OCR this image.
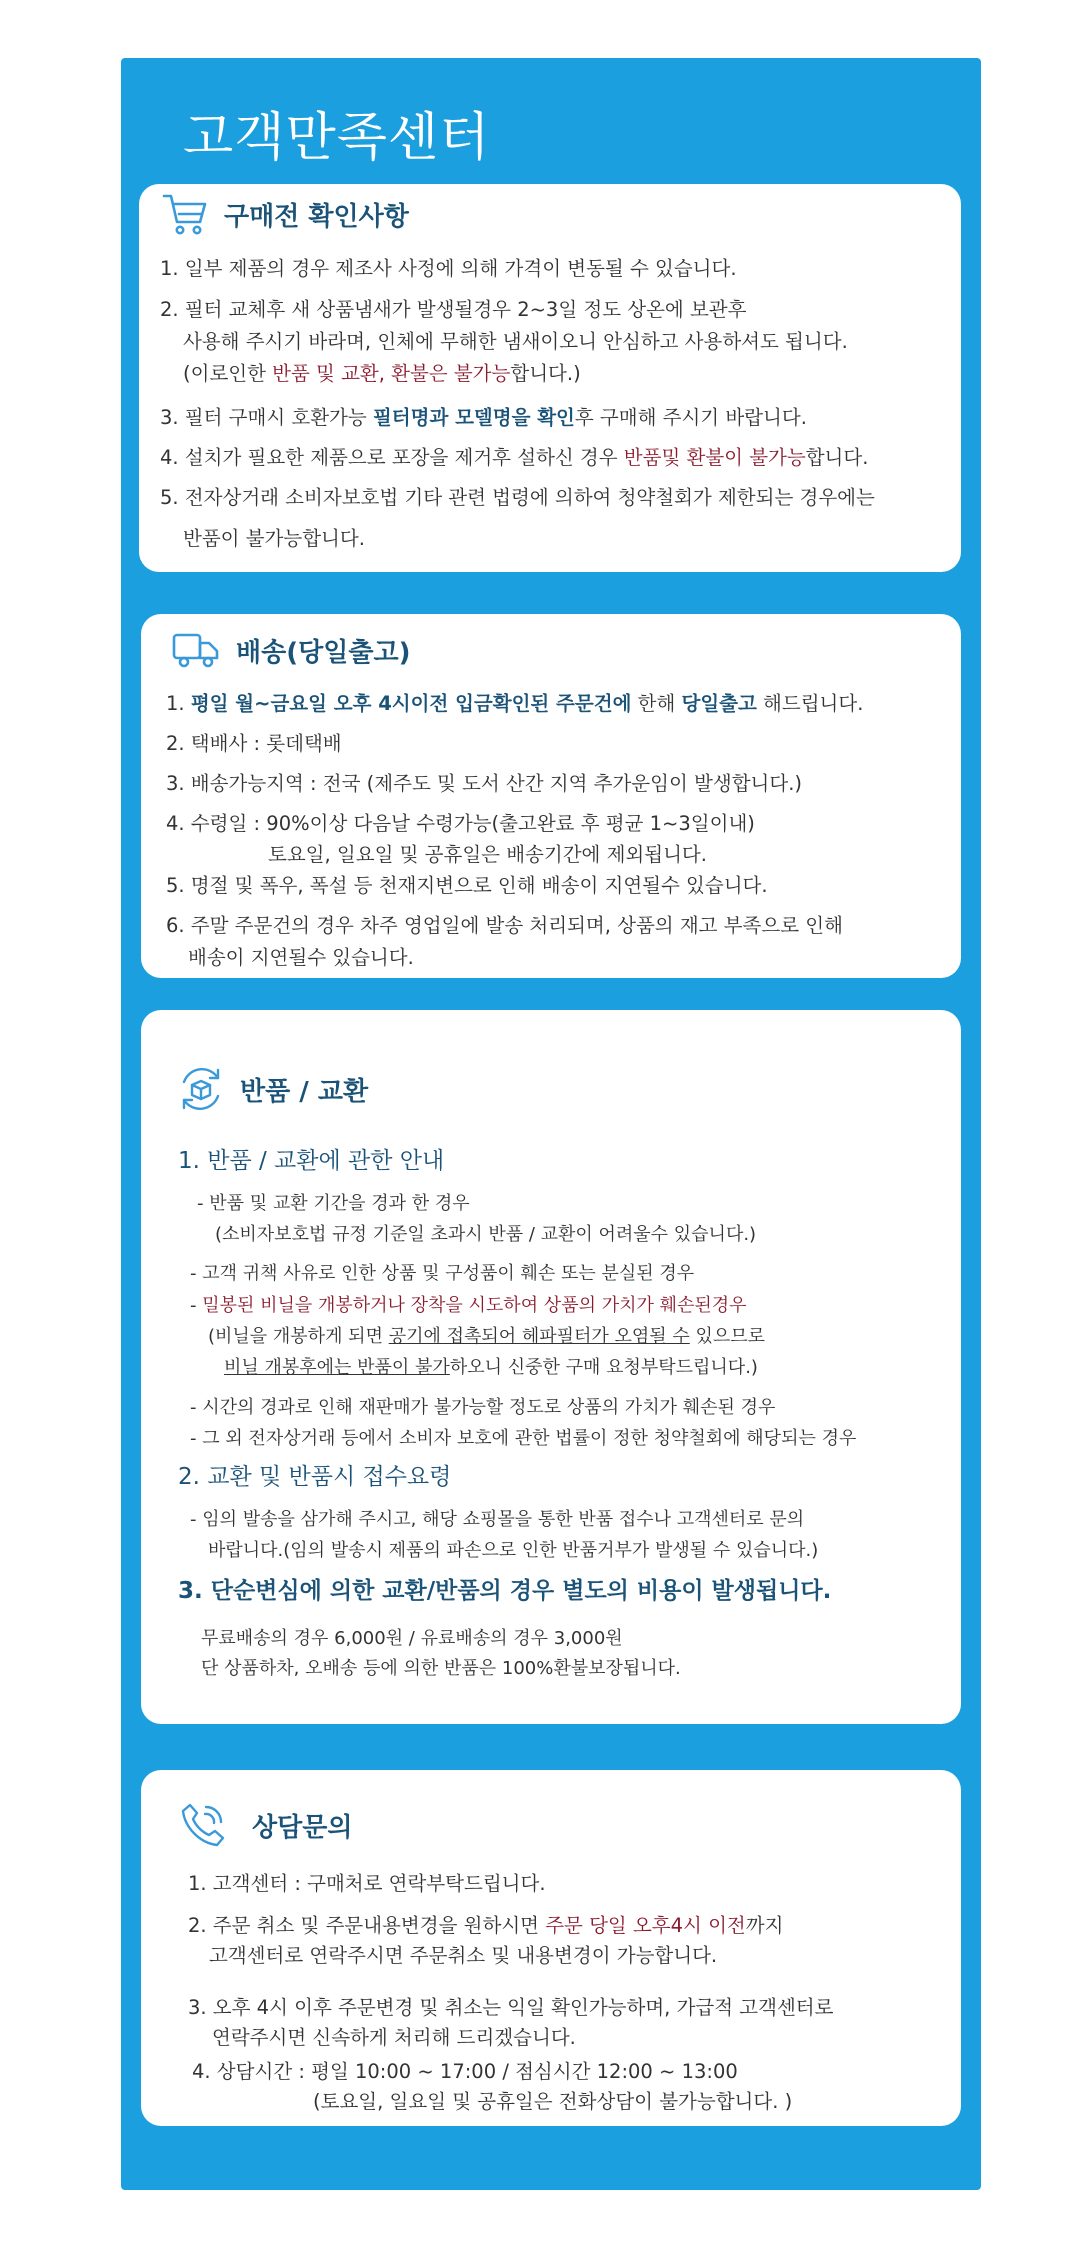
고객만족센터
구매전 확인사항
1. 일부 제품의 경우 제조사 사정에 의해 가격이 변동될 수 있습니다.
2. 필터 교체후 새 상품냄새가 발생될경우 2~3일 정도 상온에 보관후
사용해 주시기 바라며, 인체에 무해한 냄새이오니 안심하고 사용하셔도 됩니다.
(이로인한 반품 및 교환, 환불은 불가능합니다.)
3. 필터 구매시 호환가능 필터명과 모델명을 확인후 구매해 주시기 바랍니다.
4. 설치가 필요한 제품으로 포장을 제거후 설하신 경우 반품및 환불이 불가능합니다.
5. 전자상거래 소비자보호법 기타 관련 법령에 의하여 청약철회가 제한되는 경우에는
반품이 불가능합니다.
배송(당일출고)
1. 평일 월~금요일 오후 4시이전 입금확인된 주문건에 한해 당일출고 해드립니다.
2. 택배사 : 롯데택배
3. 배송가능지역 : 전국 (제주도 및 도서 산간 지역 추가운임이 발생합니다.)
4. 수령일 : 90%이상 다음날 수령가능(출고완료 후 평균 1~3일이내)
토요일, 일요일 및 공휴일은 배송기간에 제외됩니다.
5. 명절 및 폭우, 폭설 등 천재지변으로 인해 배송이 지연될수 있습니다.
6. 주말 주문건의 경우 차주 영업일에 발송 처리되며, 상품의 재고 부족으로 인해
배송이 지연될수 있습니다.
반품 / 교환
1. 반품 / 교환에 관한 안내
- 반품 및 교환 기간을 경과 한 경우
(소비자보호법 규정 기준일 초과시 반품 / 교환이 어려울수 있습니다.)
- 고객 귀책 사유로 인한 상품 및 구성품이 훼손 또는 분실된 경우
- 밀봉된 비닐을 개봉하거나 장착을 시도하여 상품의 가치가 훼손된경우
(비닐을 개봉하게 되면 공기에 접촉되어 헤파필터가 오염될 수 있으므로
비닐 개봉후에는 반품이 불가하오니 신중한 구매 요청부탁드립니다.)
- 시간의 경과로 인해 재판매가 불가능할 정도로 상품의 가치가 훼손된 경우
- 그 외 전자상거래 등에서 소비자 보호에 관한 법률이 정한 청약철회에 해당되는 경우
2. 교환 및 반품시 접수요령
- 임의 발송을 삼가해 주시고, 해당 쇼핑몰을 통한 반품 접수나 고객센터로 문의
바랍니다.(임의 발송시 제품의 파손으로 인한 반품거부가 발생될 수 있습니다.)
3. 단순변심에 의한 교환/반품의 경우 별도의 비용이 발생됩니다.
무료배송의 경우 6,000원 / 유료배송의 경우 3,000원
단 상품하차, 오배송 등에 의한 반품은 100%환불보장됩니다.
상담문의
1. 고객센터 : 구매처로 연락부탁드립니다.
2. 주문 취소 및 주문내용변경을 원하시면 주문 당일 오후4시 이전까지
고객센터로 연락주시면 주문취소 및 내용변경이 가능합니다.
3. 오후 4시 이후 주문변경 및 취소는 익일 확인가능하며, 가급적 고객센터로
연락주시면 신속하게 처리해 드리겠습니다.
4. 상담시간 : 평일 10:00 ~ 17:00 / 점심시간 12:00 ~ 13:00
(토요일, 일요일 및 공휴일은 전화상담이 불가능합니다. )
